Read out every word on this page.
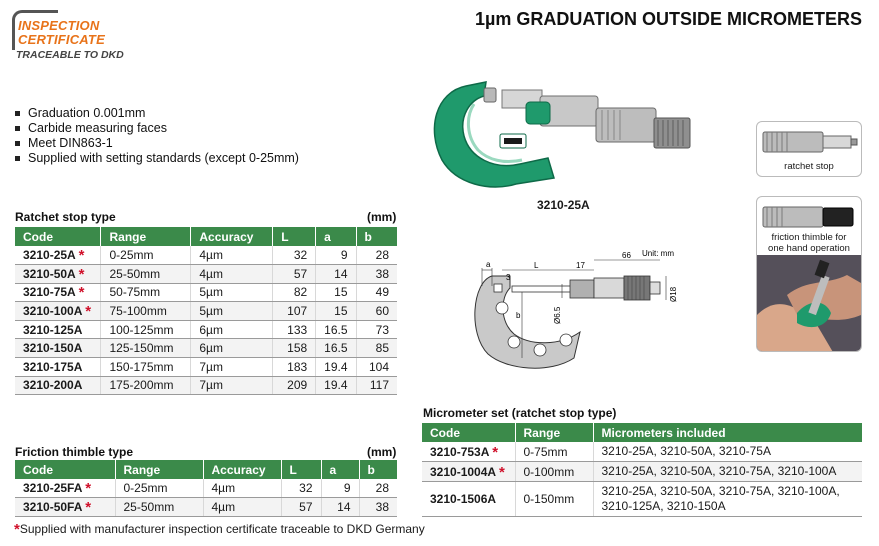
INSPECTION
CERTIFICATE
TRACEABLE TO DKD
1µm GRADUATION OUTSIDE MICROMETERS
Graduation 0.001mm
Carbide measuring faces
Meet DIN863-1
Supplied with setting standards (except 0-25mm)
Ratchet stop type	(mm)
Code	Range	Accuracy	L	a	b
3210-25A *	0-25mm	4µm	32	9	28
3210-50A *	25-50mm	4µm	57	14	38
3210-75A *	50-75mm	5µm	82	15	49
3210-100A *	75-100mm	5µm	107	15	60
3210-125A	100-125mm	6µm	133	16.5	73
3210-150A	125-150mm	6µm	158	16.5	85
3210-175A	150-175mm	7µm	183	19.4	104
3210-200A	175-200mm	7µm	209	19.4	117
Friction thimble type	(mm)
Code	Range	Accuracy	L	a	b
3210-25FA *	0-25mm	4µm	32	9	28
3210-50FA *	25-50mm	4µm	57	14	38
Micrometer set (ratchet stop type)
Code	Range	Micrometers included
3210-753A *	0-75mm	3210-25A, 3210-50A, 3210-75A

3210-1004A *	0-100mm	3210-25A, 3210-50A, 3210-75A, 3210-100A

3210-1506A	0-150mm	3210-25A, 3210-50A, 3210-75A, 3210-100A,
3210-125A, 3210-150A
3210-25A
ratchet stop
friction thimble for
one hand operation
Unit: mm
a
3
L	17
66
b	Ø6.5
Ø18
*Supplied with manufacturer inspection certificate traceable to DKD Germany
